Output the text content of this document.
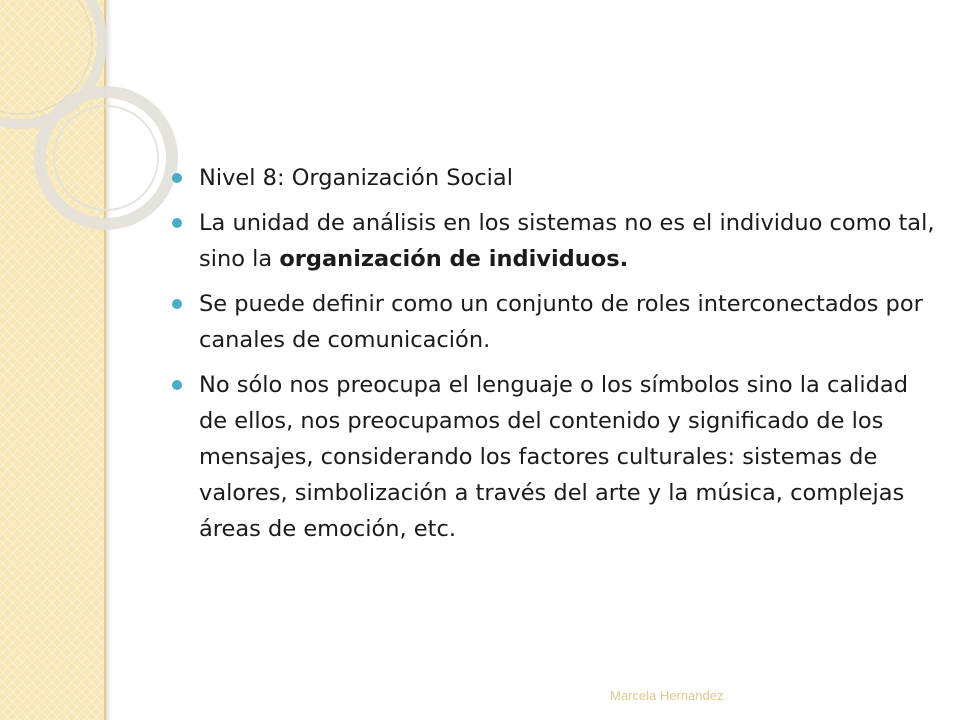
Nivel 8: Organización Social
La unidad de análisis en los sistemas no es el individuo como tal, sino la organización de individuos.
Se puede definir como un conjunto de roles interconectados por canales de comunicación.
No sólo nos preocupa el lenguaje o los símbolos sino la calidad de ellos, nos preocupamos del contenido y significado de los mensajes, considerando los factores culturales: sistemas de valores, simbolización a través del arte y la música, complejas áreas de emoción, etc.
Marcela Hernandez
